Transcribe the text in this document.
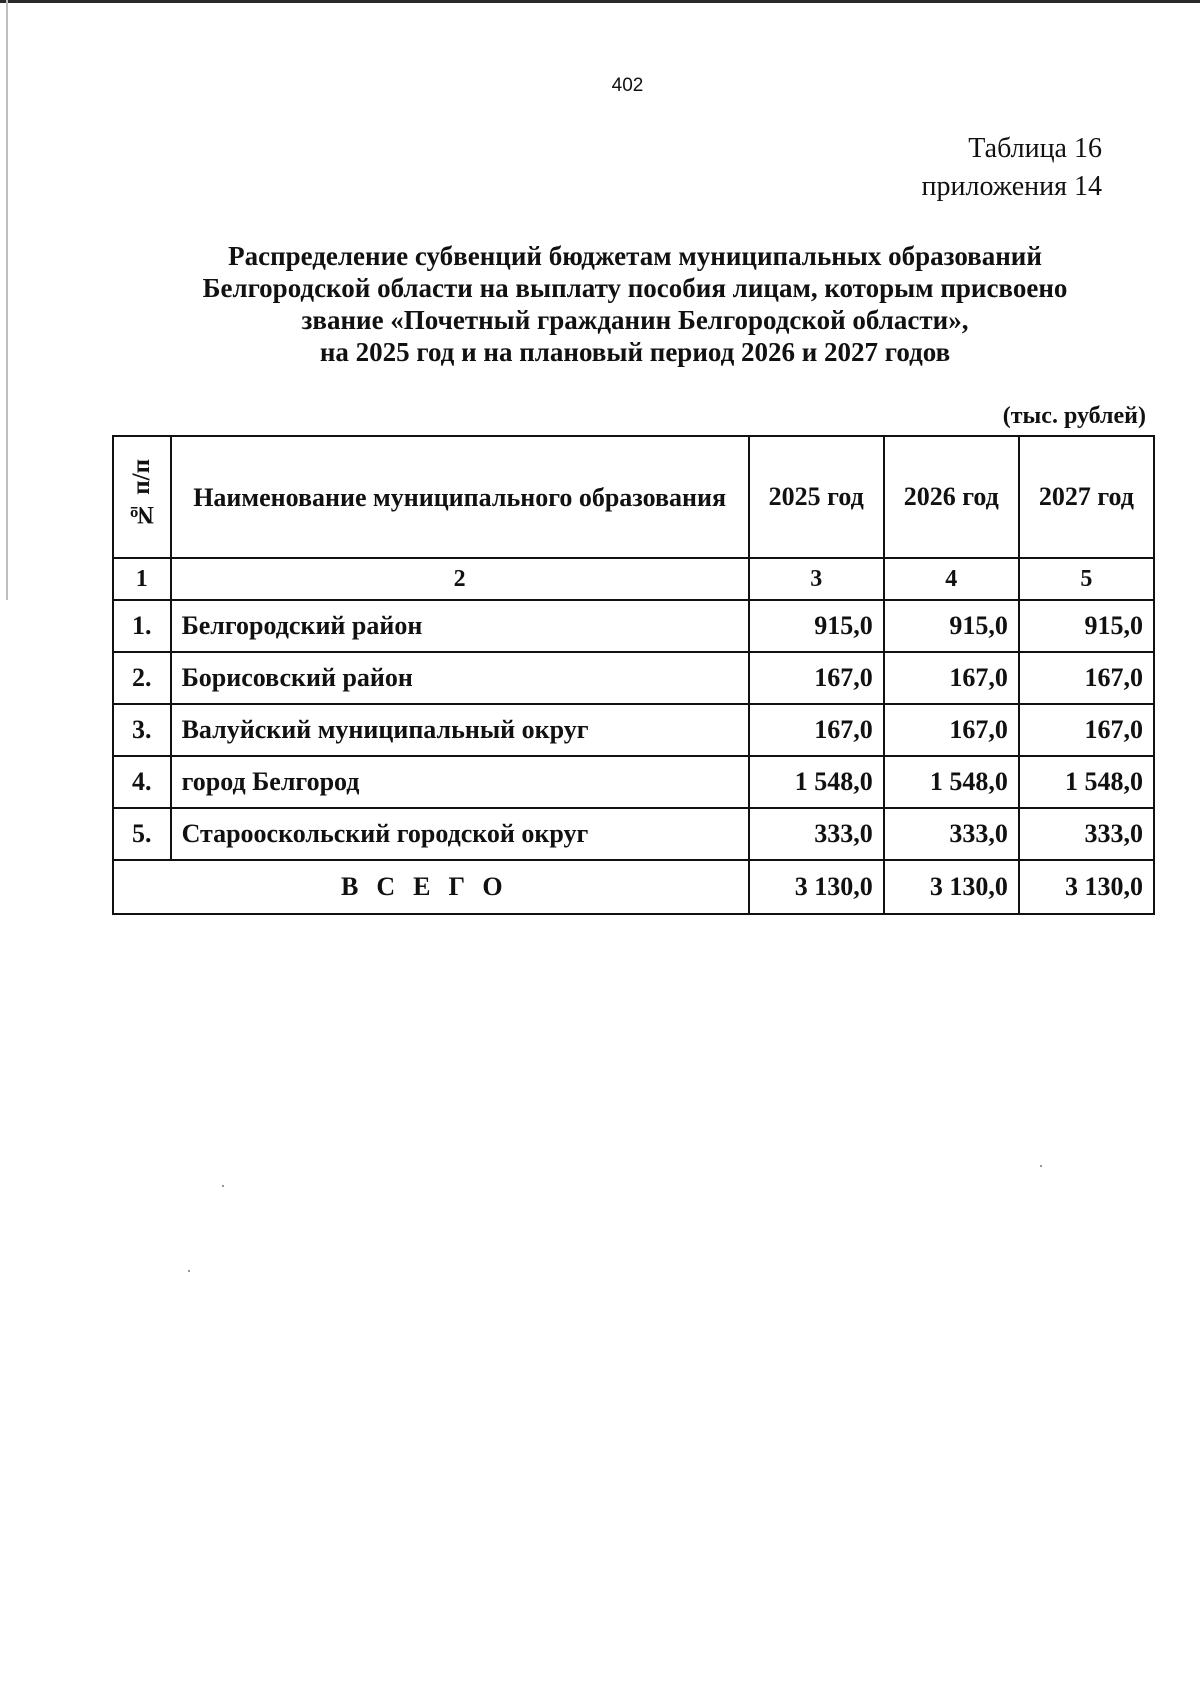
402
Таблица 16
приложения 14
Распределение субвенций бюджетам муниципальных образований
Белгородской области на выплату пособия лицам, которым присвоено
звание «Почетный гражданин Белгородской области»,
на 2025 год и на плановый период 2026 и 2027 годов
(тыс. рублей)
№ п/п	Наименование муниципального образования	2025 год	2026 год	2027 год
1	2	3	4	5
1.	Белгородский район	915,0	915,0	915,0
2.	Борисовский район	167,0	167,0	167,0
3.	Валуйский муниципальный округ	167,0	167,0	167,0
4.	город Белгород	1 548,0	1 548,0	1 548,0
5.	Старооскольский городской округ	333,0	333,0	333,0
ВСЕГО		3 130,0	3 130,0	3 130,0
